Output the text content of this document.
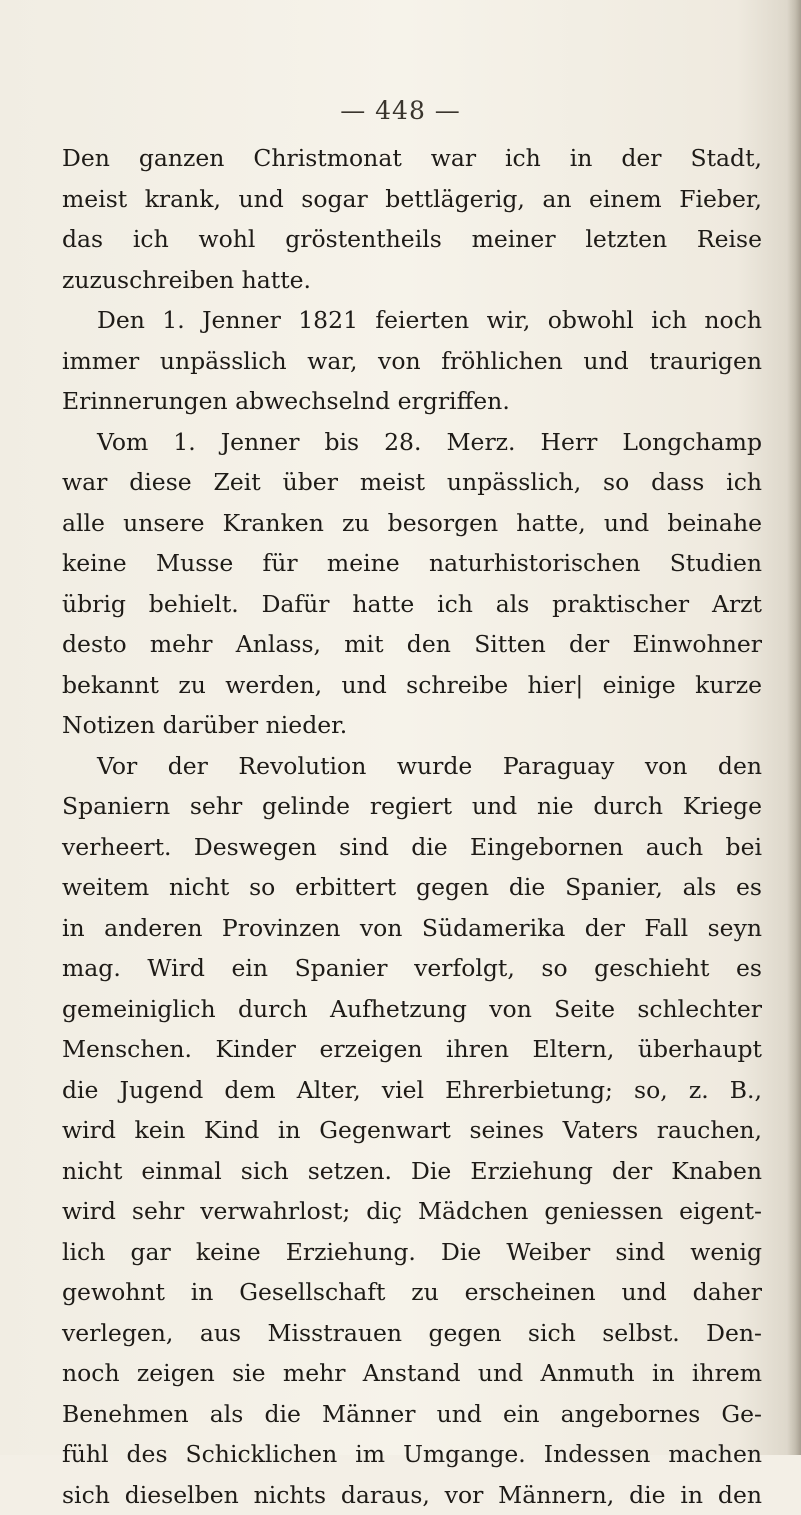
— 448 —
Den ganzen Christmonat war ich in der Stadt,
meist krank, und sogar bettlägerig, an einem Fieber,
das ich wohl gröstentheils meiner letzten Reise
zuzuschreiben hatte.
Den 1. Jenner 1821 feierten wir, obwohl ich noch
immer unpässlich war, von fröhlichen und traurigen
Erinnerungen abwechselnd ergriffen.
Vom 1. Jenner bis 28. Merz. Herr Longchamp
war diese Zeit über meist unpässlich, so dass ich
alle unsere Kranken zu besorgen hatte, und beinahe
keine Musse für meine naturhistorischen Studien
übrig behielt. Dafür hatte ich als praktischer Arzt
desto mehr Anlass, mit den Sitten der Einwohner
bekannt zu werden, und schreibe hier| einige kurze
Notizen darüber nieder.
Vor der Revolution wurde Paraguay von den
Spaniern sehr gelinde regiert und nie durch Kriege
verheert. Deswegen sind die Eingebornen auch bei
weitem nicht so erbittert gegen die Spanier, als es
in anderen Provinzen von Südamerika der Fall seyn
mag. Wird ein Spanier verfolgt, so geschieht es
gemeiniglich durch Aufhetzung von Seite schlechter
Menschen. Kinder erzeigen ihren Eltern, überhaupt
die Jugend dem Alter, viel Ehrerbietung; so, z. B.,
wird kein Kind in Gegenwart seines Vaters rauchen,
nicht einmal sich setzen. Die Erziehung der Knaben
wird sehr verwahrlost; diç Mädchen geniessen eigent-
lich gar keine Erziehung. Die Weiber sind wenig
gewohnt in Gesellschaft zu erscheinen und daher
verlegen, aus Misstrauen gegen sich selbst. Den-
noch zeigen sie mehr Anstand und Anmuth in ihrem
Benehmen als die Männer und ein angebornes Ge-
fühl des Schicklichen im Umgange. Indessen machen
sich dieselben nichts daraus, vor Männern, die in den
